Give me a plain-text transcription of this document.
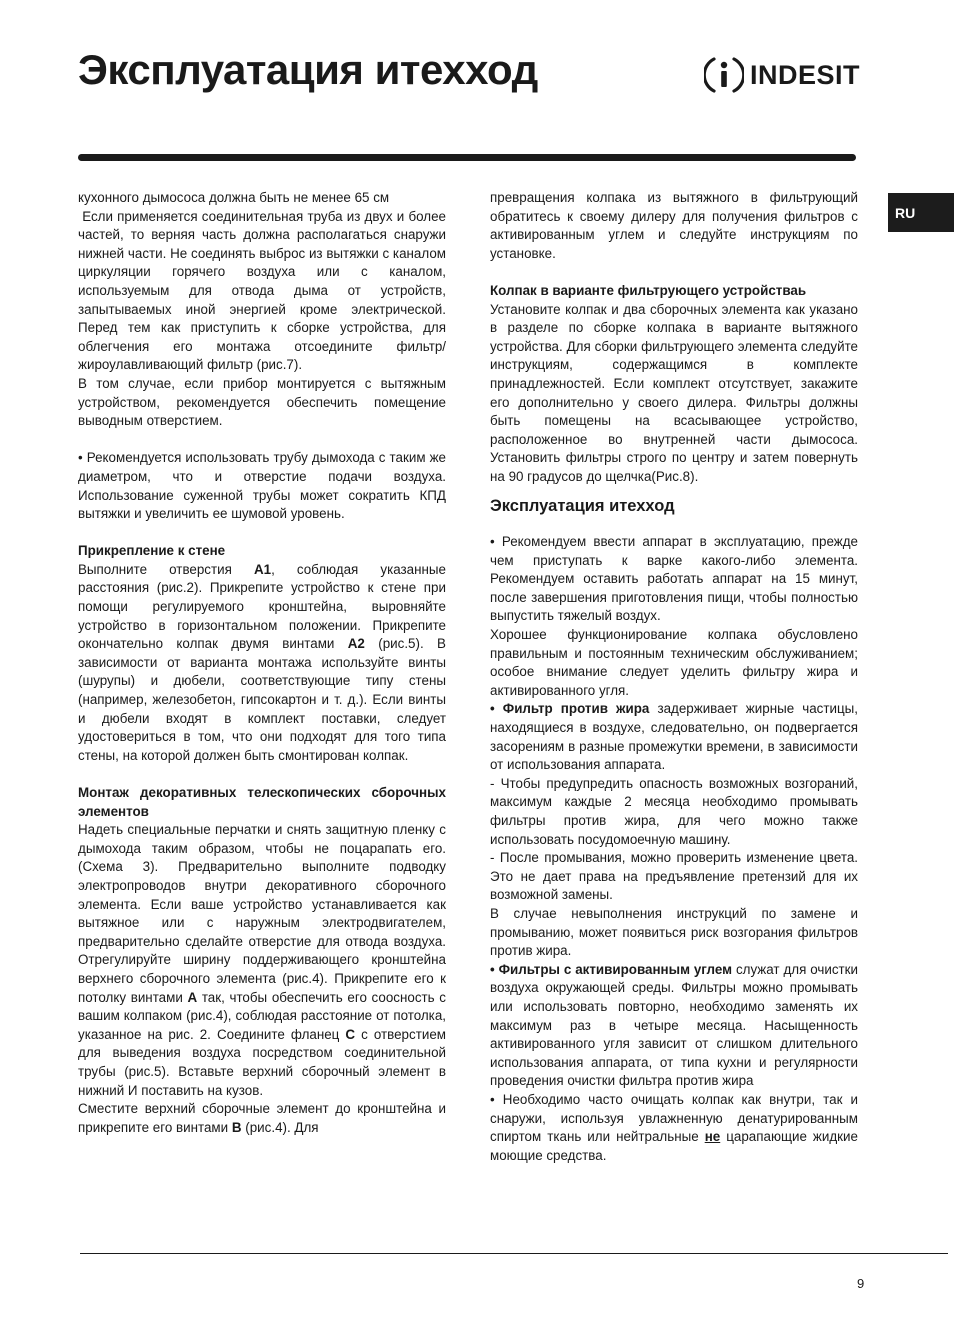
Эксплуатация итехход	INDESIT
RU

кухонного дымососа должна быть не менее 65 см

Если применяется соединительная труба из двух и более частей, то верняя часть должна располагаться снаружи нижней части. Не соединять выброс из вытяжки с каналом циркуляции горячего воздуха или с каналом, используемым для отвода дыма от устройств, запытываемых иной энергией кроме электрической. Перед тем как приступить к сборке устройства, для облегчения его монтажа отсоедините фильтр/жироулавливающий фильтр (рис.7).

В том случае, если прибор монтируется с вытяжным устройством, рекомендуется обеспечить помещение выводным отверстием.

• Рекомендуется использовать трубу дымохода с таким же диаметром, что и отверстие подачи воздуха. Использование суженной трубы может сократить КПД вытяжки и увеличить ее шумовой уровень.

Прикрепление к стене

Выполните отверстия A1, соблюдая указанные расстояния (рис.2). Прикрепите устройство к стене при помощи регулируемого кронштейна, выровняйте устройство в горизонтальном положении. Прикрепите окончательно колпак двумя винтами A2 (рис.5). В зависимости от варианта монтажа используйте винты (шурупы) и дюбели, соответствующие типу стены (например, железобетон, гипсокартон и т. д.). Если винты и дюбели входят в комплект поставки, следует удостовериться в том, что они подходят для того типа стены, на которой должен быть смонтирован колпак.

Монтаж декоративных телескопических сборочных элементов

Надеть специальные перчатки и снять защитную пленку с дымохода таким образом, чтобы не поцарапать его. (Схема 3). Предварительно выполните подводку электропроводов внутри декоративного сборочного элемента. Если ваше устройство устанавливается как вытяжное или с наружным электродвигателем, предварительно сделайте отверстие для отвода воздуха. Отрегулируйте ширину поддерживающего кронштейна верхнего сборочного элемента (рис.4). Прикрепите его к потолку винтами A так, чтобы обеспечить его соосность с вашим колпаком (рис.4), соблюдая расстояние от потолка, указанное на рис. 2. Соедините фланец C с отверстием для выведения воздуха посредством соединительной трубы (рис.5). Вставьте верхний сборочный элемент в нижний И поставить на кузов.

Сместите верхний сборочные элемент до кронштейна и прикрепите его винтами B (рис.4). Для

превращения колпака из вытяжного в фильтрующий обратитесь к своему дилеру для получения фильтров с активированным углем и следуйте инструкциям по установке.

Колпак в варианте фильтрующего устройстваь

Установите колпак и два сборочных элемента как указано в разделе по сборке колпака в варианте вытяжного устройства. Для сборки фильтрующего элемента следуйте инструкциям, содержащимся в комплекте принадлежностей. Если комплект отсутствует, закажите его дополнительно у своего дилера. Фильтры должны быть помещены на всасывающее устройство, расположенное во внутренней части дымососа. Установить фильтры строго по центру и затем повернуть на 90 градусов до щелчка(Рис.8).

Эксплуатация итехход

• Рекомендуем ввести аппарат в эксплуатацию, прежде чем приступать к варке какого-либо элемента. Рекомендуем оставить работать аппарат на 15 минут, после завершения приготовления пищи, чтобы полностью выпустить тяжелый воздух.

Хорошее функционирование колпака обусловлено правильным и постоянным техническим обслуживанием; особое внимание следует уделить фильтру жира и активированного угля.

• Фильтр против жира задерживает жирные частицы, находящиеся в воздухе, следовательно, он подвергается засорениям в разные промежутки времени, в зависимости от использования аппарата.

- Чтобы предупредить опасность возможных возгораний, максимум каждые 2 месяца необходимо промывать фильтры против жира, для чего можно также использовать посудомоечную машину.

- После промывания, можно проверить изменение цвета. Это не дает права на предъявление претензий для их возможной замены.

В случае невыполнения инструкций по замене и промыванию, может появиться риск возгорания фильтров против жира.

• Фильтры с активированным углем служат для очистки воздуха окружающей среды. Фильтры можно промывать или использовать повторно, необходимо заменять их максимум раз в четыре месяца. Насыщенность активированного угля зависит от слишком длительного использования аппарата, от типа кухни и регулярности проведения очистки фильтра против жира

• Необходимо часто очищать колпак как внутри, так и снаружи, используя увлажненную денатурированным спиртом ткань или нейтральные не царапающие жидкие моющие средства.

9
